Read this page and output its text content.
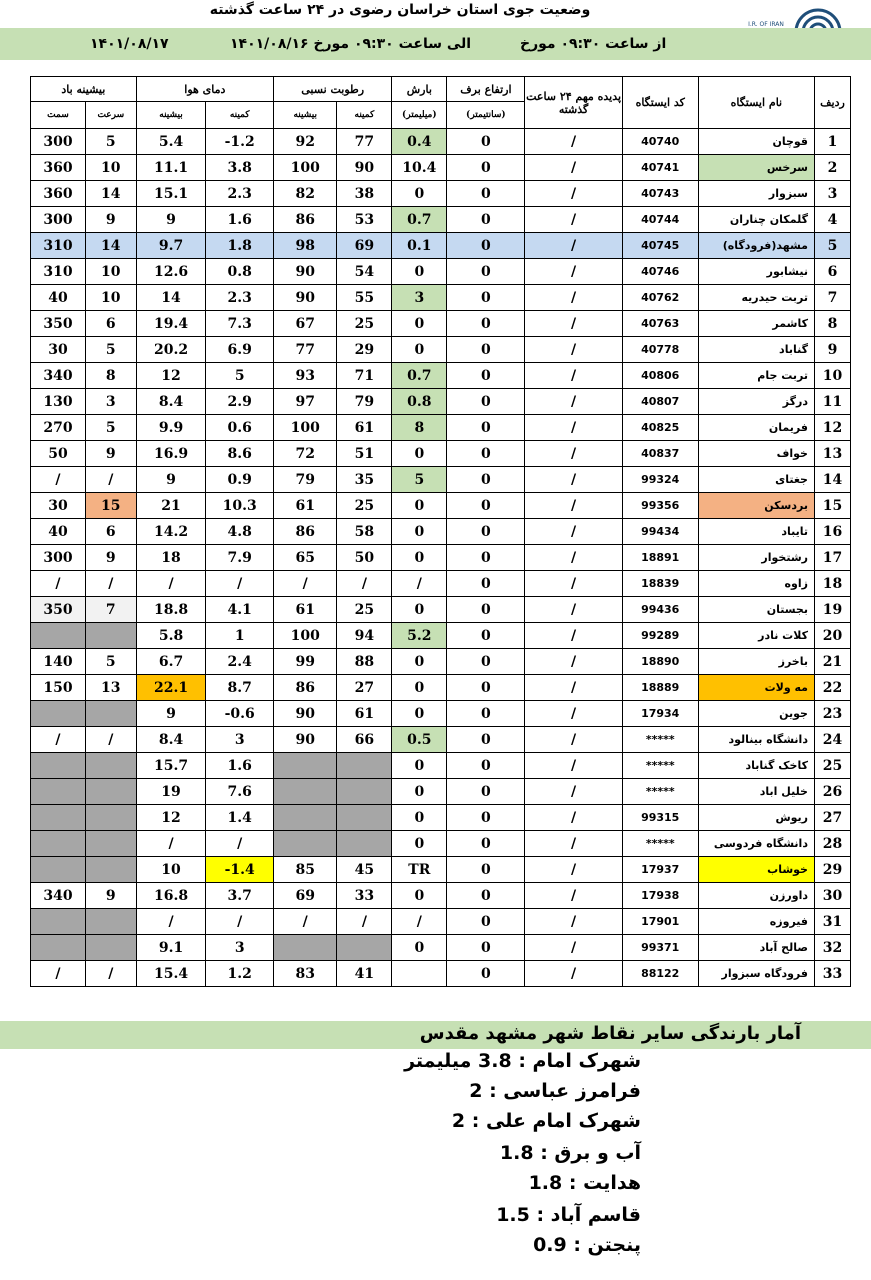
وضعیت جوی استان خراسان رضوی در ۲۴ ساعت گذشته
I.R. OF IRAN
۱۴۰۱/۰۸/۱۷	۱۴۰۱/۰۸/۱۶ الی ساعت ۰۹:۳۰ مورخ	از ساعت ۰۹:۳۰ مورخ
بیشینه باد		دمای هوا		رطوبت نسبی		بارش	ارتفاع برف	پدیده مهم ۲۴ ساعت گذشته	کد ایستگاه	نام ایستگاه	ردیف
سمت	سرعت	بیشینه	کمینه	بیشینه	کمینه	(میلیمتر)	(سانتیمتر)				
300	5	5.4	-1.2	92	77	0.4	0	/	40740	قوچان	1
360	10	11.1	3.8	100	90	10.4	0	/	40741	سرخس	2
360	14	15.1	2.3	82	38	0	0	/	40743	سبزوار	3
300	9	9	1.6	86	53	0.7	0	/	40744	گلمکان چناران	4
310	14	9.7	1.8	98	69	0.1	0	/	40745	مشهد(فرودگاه)	5
310	10	12.6	0.8	90	54	0	0	/	40746	نیشابور	6
40	10	14	2.3	90	55	3	0	/	40762	تربت حیدریه	7
350	6	19.4	7.3	67	25	0	0	/	40763	کاشمر	8
30	5	20.2	6.9	77	29	0	0	/	40778	گناباد	9
340	8	12	5	93	71	0.7	0	/	40806	تربت جام	10
130	3	8.4	2.9	97	79	0.8	0	/	40807	درگز	11
270	5	9.9	0.6	100	61	8	0	/	40825	فریمان	12
50	9	16.9	8.6	72	51	0	0	/	40837	خواف	13
/	/	9	0.9	79	35	5	0	/	99324	جغتای	14
30	15	21	10.3	61	25	0	0	/	99356	بردسکن	15
40	6	14.2	4.8	86	58	0	0	/	99434	تایباد	16
300	9	18	7.9	65	50	0	0	/	18891	رشتخوار	17
/	/	/	/	/	/	/	0	/	18839	زاوه	18
350	7	18.8	4.1	61	25	0	0	/	99436	بجستان	19
		5.8	1	100	94	5.2	0	/	99289	کلات نادر	20
140	5	6.7	2.4	99	88	0	0	/	18890	باخرز	21
150	13	22.1	8.7	86	27	0	0	/	18889	مه ولات	22
		9	-0.6	90	61	0	0	/	17934	جوین	23
/	/	8.4	3	90	66	0.5	0	/	*****	دانشگاه بینالود	24
		15.7	1.6			0	0	/	*****	کاخک گناباد	25
		19	7.6			0	0	/	*****	خلیل اباد	26
		12	1.4			0	0	/	99315	ریوش	27
		/	/			0	0	/	*****	دانشگاه فردوسی	28
		10	-1.4	85	45	TR	0	/	17937	خوشاب	29
340	9	16.8	3.7	69	33	0	0	/	17938	داورزن	30
		/	/	/	/	/	0	/	17901	فیروزه	31
		9.1	3			0	0	/	99371	صالح آباد	32
/	/	15.4	1.2	83	41		0	/	88122	فرودگاه سبزوار	33
آمار بارندگی سایر نقاط شهر مشهد مقدس
شهرک امام : 3.8 میلیمتر
فرامرز عباسی : 2
شهرک امام علی : 2
آب و برق : 1.8
هدایت : 1.8
قاسم آباد : 1.5
پنجتن : 0.9
